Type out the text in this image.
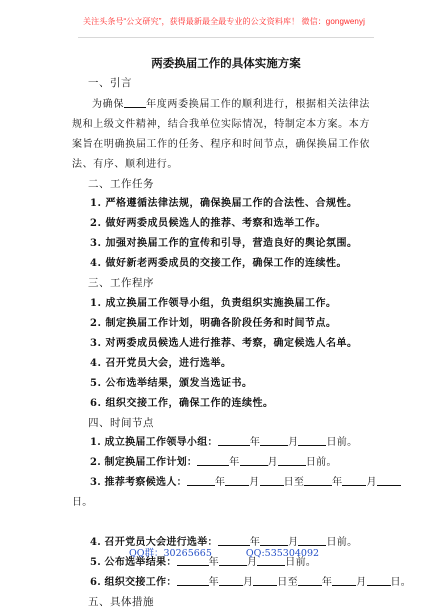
关注头条号“公文研究”，获得最新最全最专业的公文资料库！ 微信：gongwenyj
两委换届工作的具体实施方案
一、引言
为确保 年度两委换届工作的顺利进行，根据相关法律法规和上级文件精神，结合我单位实际情况，特制定本方案。本方案旨在明确换届工作的任务、程序和时间节点，确保换届工作依法、有序、顺利进行。
二、工作任务
1. 严格遵循法律法规，确保换届工作的合法性、合规性。
2. 做好两委成员候选人的推荐、考察和选举工作。
3. 加强对换届工作的宣传和引导，营造良好的舆论氛围。
4. 做好新老两委成员的交接工作，确保工作的连续性。
三、工作程序
1. 成立换届工作领导小组，负责组织实施换届工作。
2. 制定换届工作计划，明确各阶段任务和时间节点。
3. 对两委成员候选人进行推荐、考察，确定候选人名单。
4. 召开党员大会，进行选举。
5. 公布选举结果，颁发当选证书。
6. 组织交接工作，确保工作的连续性。
四、时间节点
1. 成立换届工作领导小组：	年	月	日前。
2. 制定换届工作计划：	年	月	日前。
3. 推荐考察候选人：	年 月 日至	年 月
日。
4. 召开党员大会进行选举：	年	月	日前。
5. 公布选举结果：	年	月	日前。
6. 组织交接工作：	年 月 日至 年 月 日。
五、具体措施
QQ群：30265665	QQ:535304092
